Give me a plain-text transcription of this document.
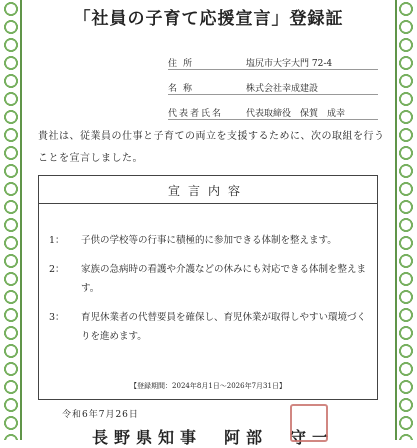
「社員の子育て応援宣言」登録証
住所	塩尻市大字大門 72-4
名称	株式会社幸成建設
代表者氏名	代表取締役　保賀　成幸
貴社は、従業員の仕事と子育ての両立を支援するために、次の取組を行うことを宣言しました。
宣言内容
1：	子供の学校等の行事に積極的に参加できる体制を整えます。
2：	家族の急病時の看護や介護などの休みにも対応できる体制を整えます。
3：	育児休業者の代替要員を確保し、育児休業が取得しやすい環境づくりを進めます。
【登録期間：2024年8月1日～2026年7月31日】
令和6年7月26日
長野県知事　阿部　守一
